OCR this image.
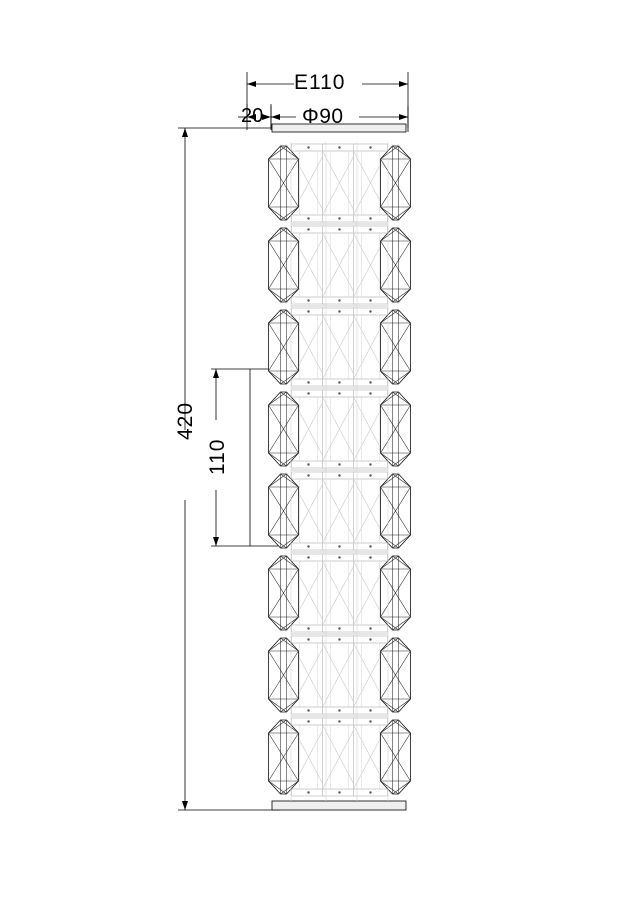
E110
20 Φ90
420
110
